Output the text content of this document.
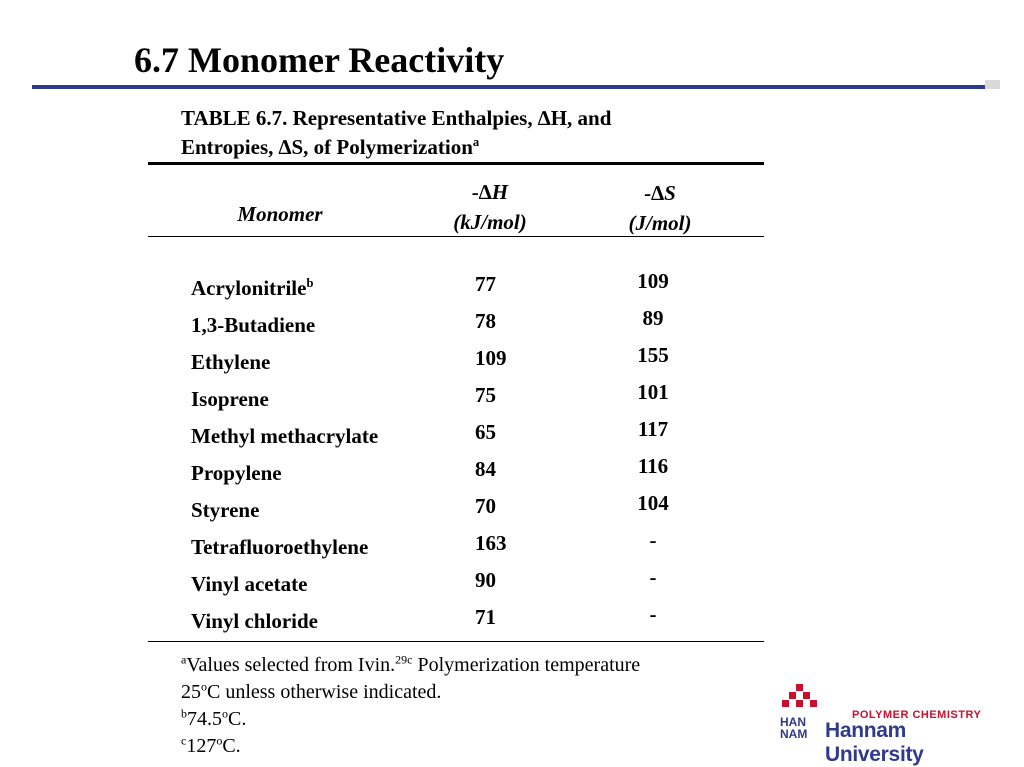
6.7 Monomer Reactivity
TABLE 6.7. Representative Enthalpies, ∆H, and
Entropies, ∆S, of Polymerization$^a$
Monomer
-∆H
(kJ/mol)
-∆S
(J/mol)
Acrylonitrile$^b$
1,3-Butadiene
Ethylene
Isoprene
Methyl methacrylate
Propylene
Styrene
Tetrafluoroethylene
Vinyl acetate
Vinyl chloride
77
78
109
75
65
84
70
163
90
71
109
89
155
101
117
116
104
-
-
-
$^a$Values selected from Ivin.$^{29c}$ Polymerization temperature
25$^o$C unless otherwise indicated.
$^b$74.5$^o$C.
$^c$127$^o$C.
HAN
NAM
POLYMER CHEMISTRY
Hannam University
